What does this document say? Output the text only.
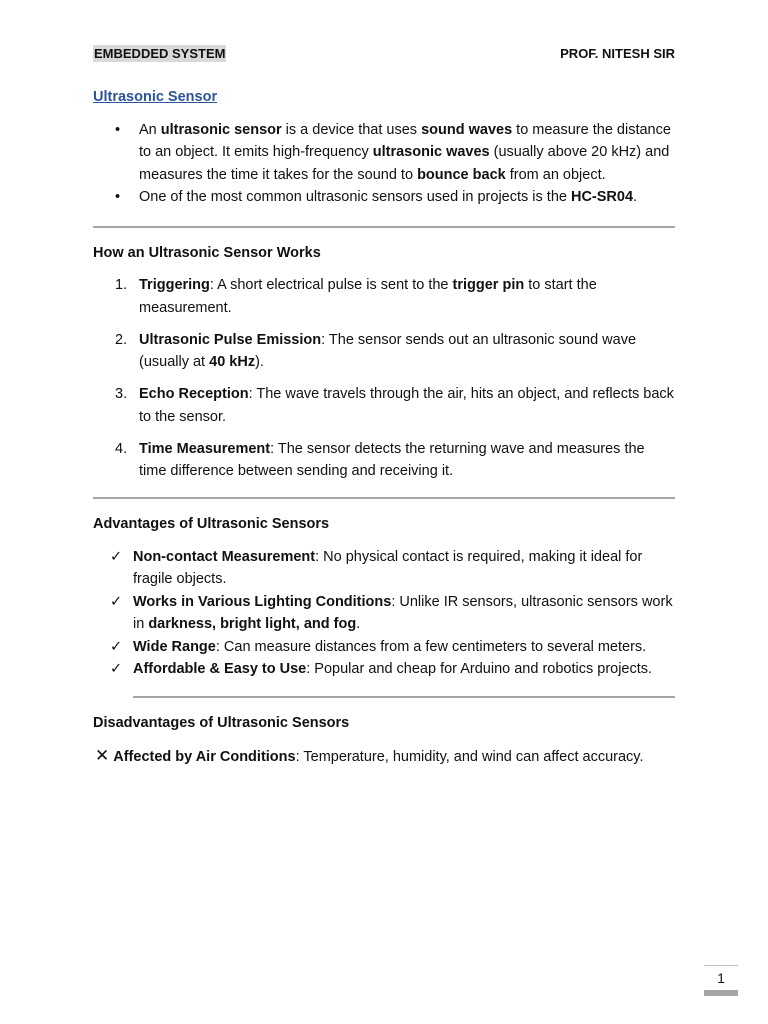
EMBEDDED SYSTEM	PROF. NITESH SIR

Ultrasonic Sensor

• An ultrasonic sensor is a device that uses sound waves to measure the distance to an object. It emits high-frequency ultrasonic waves (usually above 20 kHz) and measures the time it takes for the sound to bounce back from an object.
• One of the most common ultrasonic sensors used in projects is the HC-SR04.

How an Ultrasonic Sensor Works

1. Triggering: A short electrical pulse is sent to the trigger pin to start the measurement.
2. Ultrasonic Pulse Emission: The sensor sends out an ultrasonic sound wave (usually at 40 kHz).
3. Echo Reception: The wave travels through the air, hits an object, and reflects back to the sensor.
4. Time Measurement: The sensor detects the returning wave and measures the time difference between sending and receiving it.

Advantages of Ultrasonic Sensors

✓ Non-contact Measurement: No physical contact is required, making it ideal for fragile objects.
✓ Works in Various Lighting Conditions: Unlike IR sensors, ultrasonic sensors work in darkness, bright light, and fog.
✓ Wide Range: Can measure distances from a few centimeters to several meters.
✓ Affordable & Easy to Use: Popular and cheap for Arduino and robotics projects.

Disadvantages of Ultrasonic Sensors

✕ Affected by Air Conditions: Temperature, humidity, and wind can affect accuracy.

1
